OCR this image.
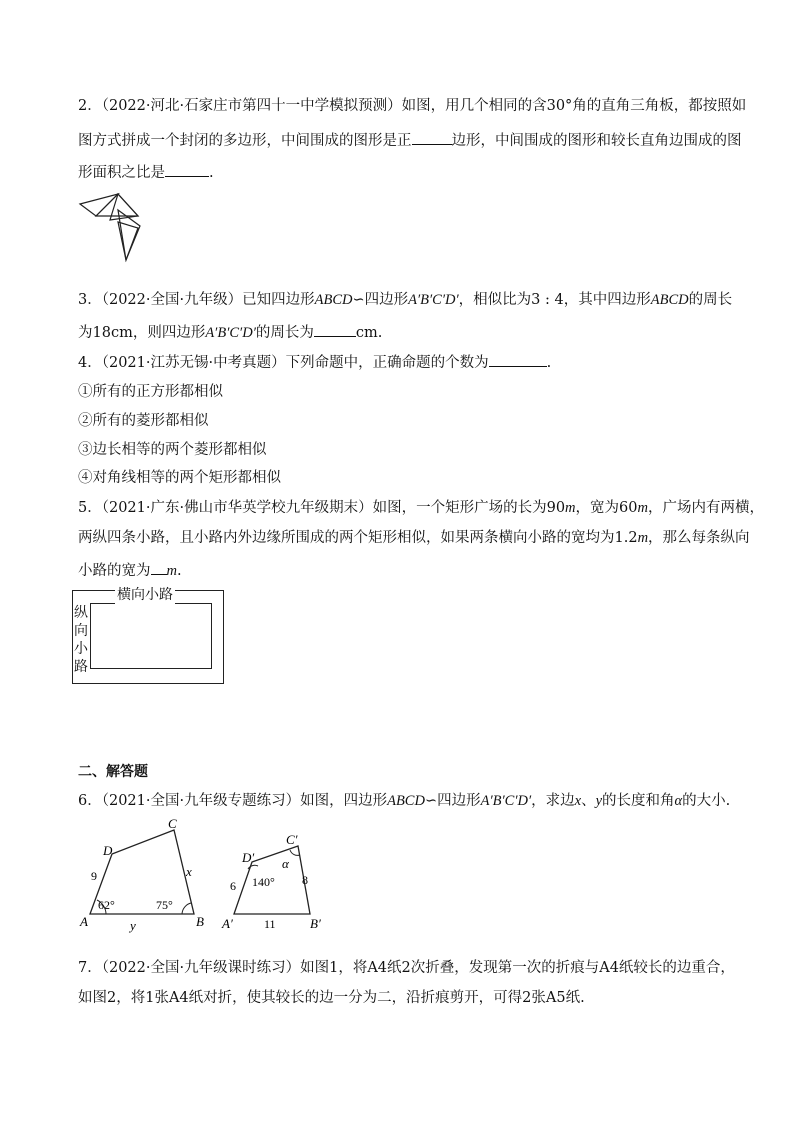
2．（2022·河北·石家庄市第四十一中学模拟预测）如图，用几个相同的含30°角的直角三角板，都按照如
图方式拼成一个封闭的多边形，中间围成的图形是正	边形，中间围成的图形和较长直角边围成的图
形面积之比是	.
3．（2022·全国·九年级）已知四边形ABCD∽四边形A′B′C′D′，相似比为3 : 4，其中四边形ABCD的周长
为18cm，则四边形A′B′C′D′的周长为	cm.
4．（2021·江苏无锡·中考真题）下列命题中，正确命题的个数为	.
①所有的正方形都相似
②所有的菱形都相似
③边长相等的两个菱形都相似
④对角线相等的两个矩形都相似
5．（2021·广东·佛山市华英学校九年级期末）如图，一个矩形广场的长为90m，宽为60m，广场内有两横，
两纵四条小路，且小路内外边缘所围成的两个矩形相似，如果两条横向小路的宽均为1.2m，那么每条纵向
小路的宽为 m.
横向小路
纵
向
小
路
二、解答题
6．（2021·全国·九年级专题练习）如图，四边形ABCD∽四边形A′B′C′D′，求边x、y的长度和角α的大小.
A	B
C
D
9	x
y
62°	75°
A′	B′
C′
D′
6	8
11
140°
α
7．（2022·全国·九年级课时练习）如图1，将A4纸2次折叠，发现第一次的折痕与A4纸较长的边重合，
如图2，将1张A4纸对折，使其较长的边一分为二，沿折痕剪开，可得2张A5纸.
